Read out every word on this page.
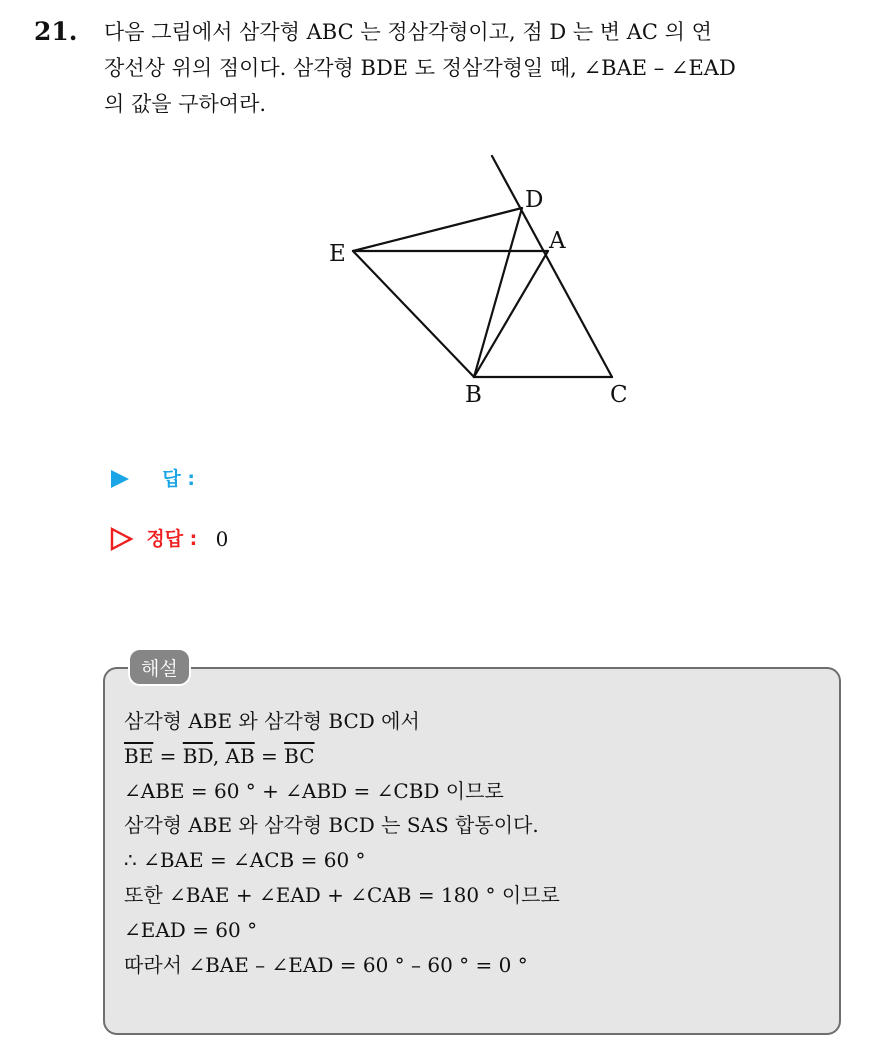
21. 다음 그림에서 삼각형 ABC 는 정삼각형이고, 점 D 는 변 AC 의 연
장선상 위의 점이다. 삼각형 BDE 도 정삼각형일 때, ∠BAE – ∠EAD
의 값을 구하여라.
D
A
E
B	C
답 :
정답 : 0
해설
삼각형 ABE 와 삼각형 BCD 에서
$\overline{BE} = \overline{BD}$, $\overline{AB} = \overline{BC}$
∠ABE = 60 ° + ∠ABD = ∠CBD 이므로
삼각형 ABE 와 삼각형 BCD 는 SAS 합동이다.
∴ ∠BAE = ∠ACB = 60 °
또한 ∠BAE + ∠EAD + ∠CAB = 180 ° 이므로
∠EAD = 60 °
따라서 ∠BAE – ∠EAD = 60 ° – 60 ° = 0 °
